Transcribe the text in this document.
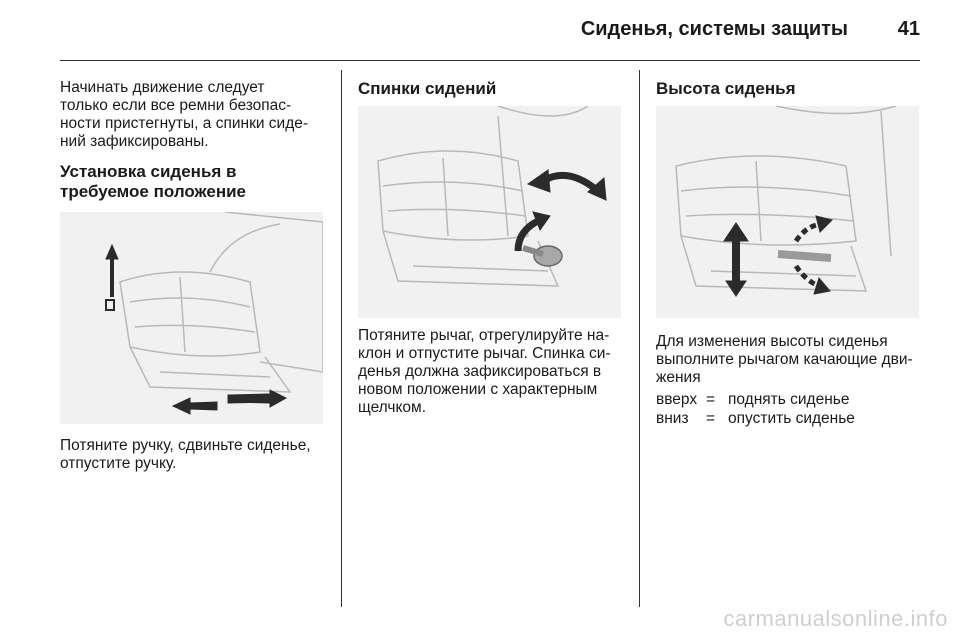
Сиденья, системы защиты 41

Начинать движение следует

только если все ремни безопас-

ности пристегнуты, а спинки сиде-

ний зафиксированы.

Установка сиденья в

требуемое положение

Потяните ручку, сдвиньте сиденье,

отпустите ручку.

Спинки сидений

Потяните рычаг, отрегулируйте на-

клон и отпустите рычаг. Спинка си-

денья должна зафиксироваться в

новом положении с характерным

щелчком.

Высота сиденья

Для изменения высоты сиденья

выполните рычагом качающие дви-

жения

вверх = поднять сиденье
вниз	= опустить сиденье
carmanualsonline.info
